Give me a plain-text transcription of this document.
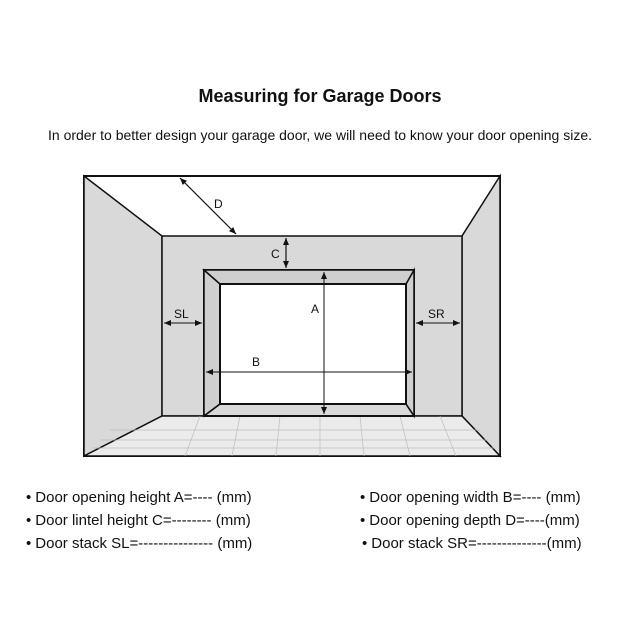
Measuring for Garage Doors
In order to better design your garage door, we will need to know your door opening size.
D
C
A
B
SL	SR
• Door opening height A=---- (mm)
• Door lintel height C=-------- (mm)
• Door stack SL=--------------- (mm)
• Door opening width B=---- (mm)
• Door opening depth D=----(mm)
• Door stack SR=--------------(mm)
